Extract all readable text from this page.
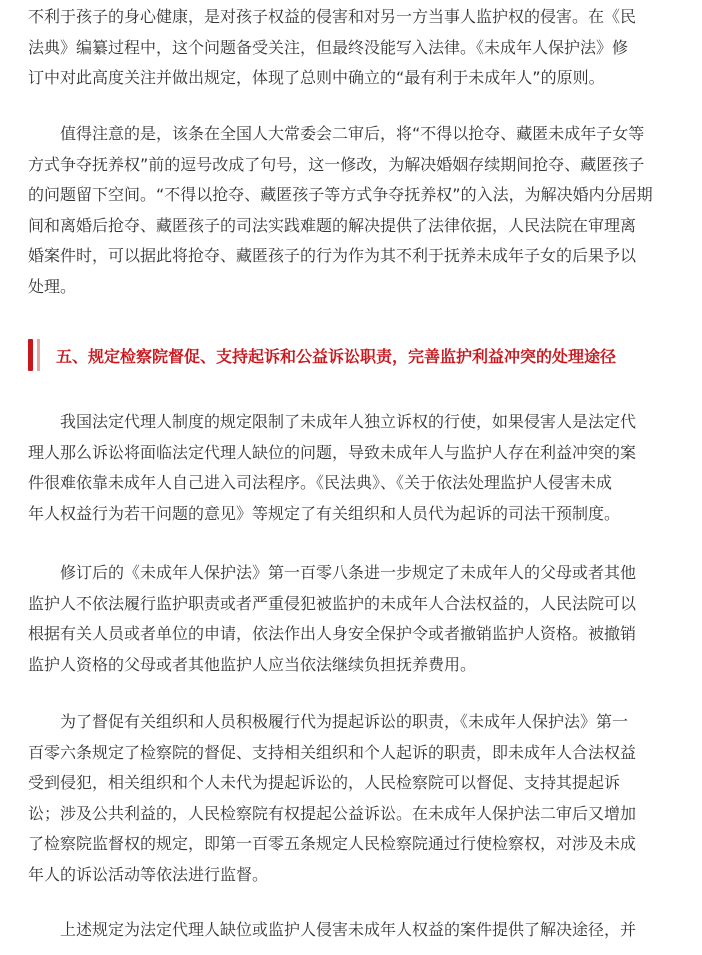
不利于孩子的身心健康，是对孩子权益的侵害和对另一方当事人监护权的侵害。在《民
法典》编纂过程中，这个问题备受关注，但最终没能写入法律。《未成年人保护法》修
订中对此高度关注并做出规定，体现了总则中确立的“最有利于未成年人”的原则。

值得注意的是，该条在全国人大常委会二审后，将“不得以抢夺、藏匿未成年子女等
方式争夺抚养权”前的逗号改成了句号，这一修改，为解决婚姻存续期间抢夺、藏匿孩子
的问题留下空间。“不得以抢夺、藏匿孩子等方式争夺抚养权”的入法，为解决婚内分居期
间和离婚后抢夺、藏匿孩子的司法实践难题的解决提供了法律依据，人民法院在审理离
婚案件时，可以据此将抢夺、藏匿孩子的行为作为其不利于抚养未成年子女的后果予以
处理。

五、规定检察院督促、支持起诉和公益诉讼职责，完善监护利益冲突的处理途径

我国法定代理人制度的规定限制了未成年人独立诉权的行使，如果侵害人是法定代
理人那么诉讼将面临法定代理人缺位的问题，导致未成年人与监护人存在利益冲突的案
件很难依靠未成年人自己进入司法程序。《民法典》、《关于依法处理监护人侵害未成
年人权益行为若干问题的意见》等规定了有关组织和人员代为起诉的司法干预制度。

修订后的《未成年人保护法》第一百零八条进一步规定了未成年人的父母或者其他
监护人不依法履行监护职责或者严重侵犯被监护的未成年人合法权益的，人民法院可以
根据有关人员或者单位的申请，依法作出人身安全保护令或者撤销监护人资格。被撤销
监护人资格的父母或者其他监护人应当依法继续负担抚养费用。

为了督促有关组织和人员积极履行代为提起诉讼的职责，《未成年人保护法》第一
百零六条规定了检察院的督促、支持相关组织和个人起诉的职责，即未成年人合法权益
受到侵犯，相关组织和个人未代为提起诉讼的，人民检察院可以督促、支持其提起诉
讼；涉及公共利益的，人民检察院有权提起公益诉讼。在未成年人保护法二审后又增加
了检察院监督权的规定，即第一百零五条规定人民检察院通过行使检察权，对涉及未成
年人的诉讼活动等依法进行监督。

上述规定为法定代理人缺位或监护人侵害未成年人权益的案件提供了解决途径，并
